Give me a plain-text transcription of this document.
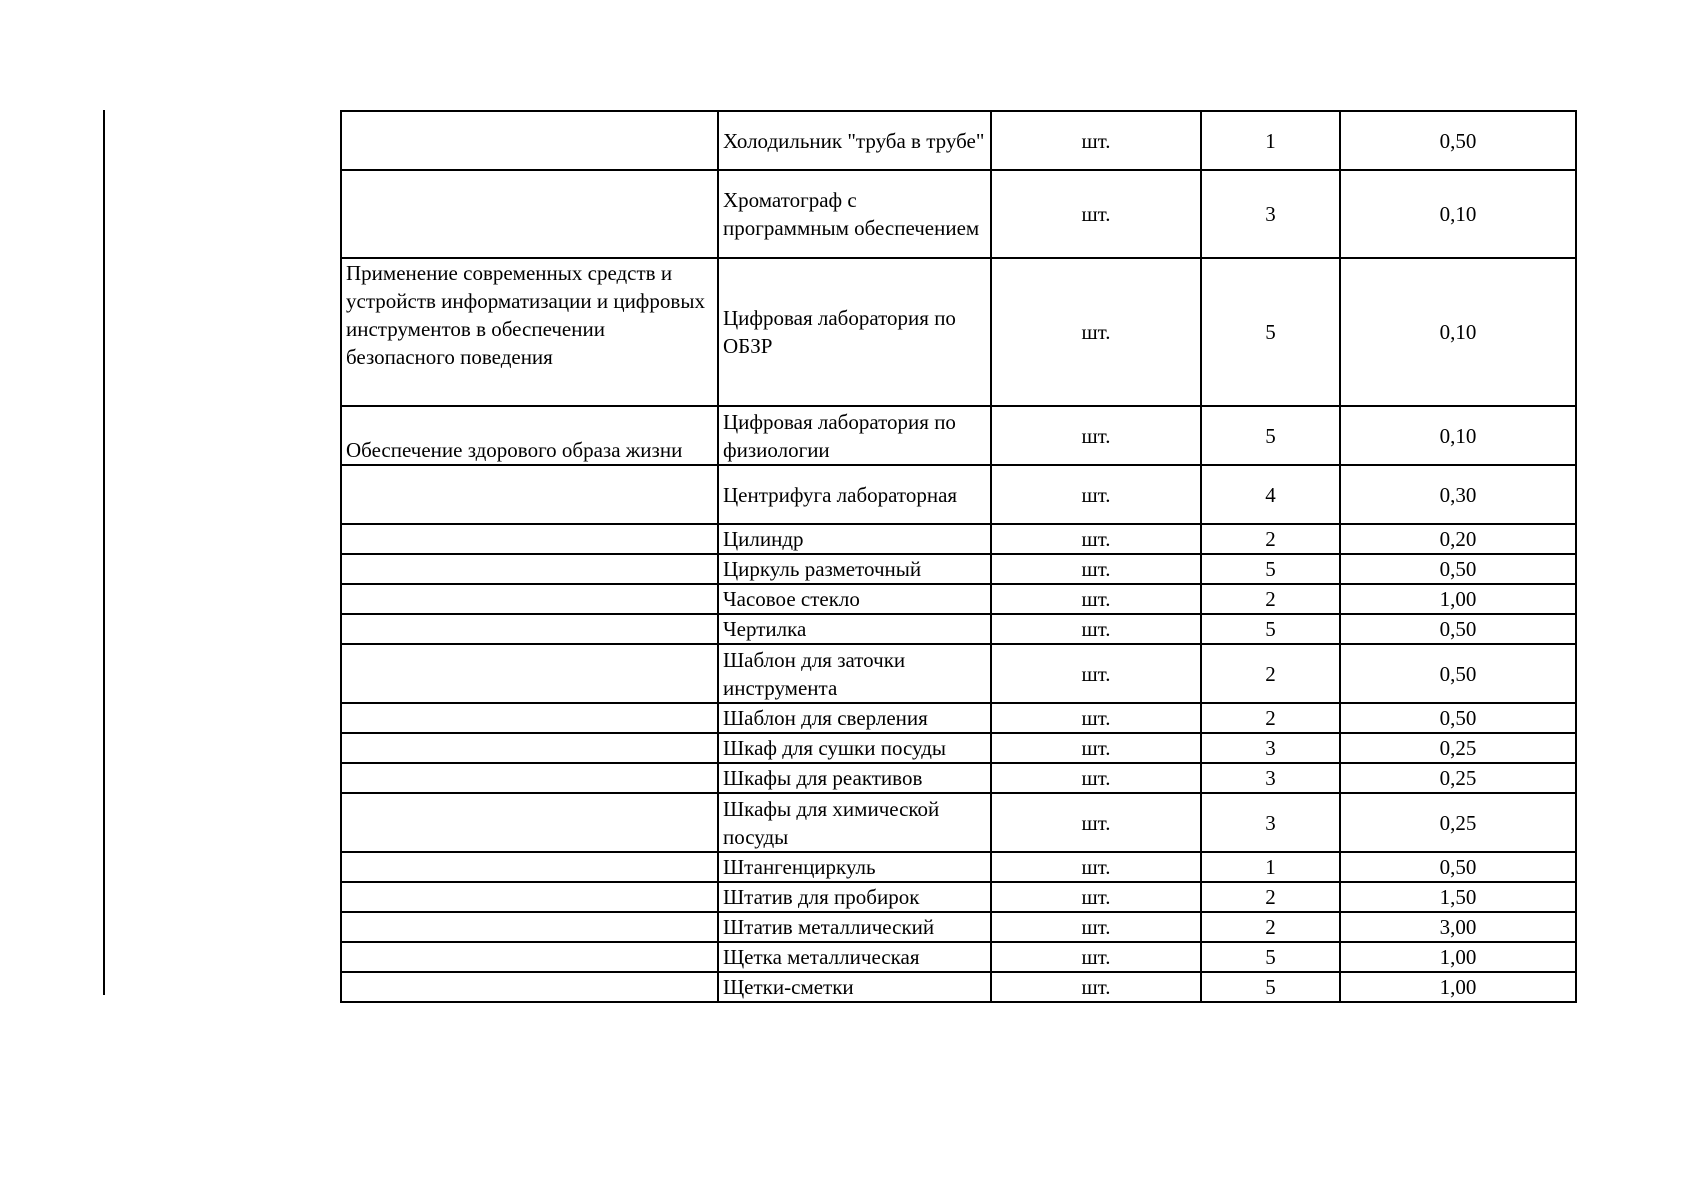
	Холодильник "труба в трубе"	шт.	1	0,50
	Хроматограф с программным обеспечением	шт.	3	0,10
Применение современных средств и устройств информатизации и цифровых инструментов в обеспечении безопасного поведения	Цифровая лаборатория по ОБЗР	шт.	5	0,10
Обеспечение здорового образа жизни	Цифровая лаборатория по физиологии	шт.	5	0,10
	Центрифуга лабораторная	шт.	4	0,30
	Цилиндр	шт.	2	0,20
	Циркуль разметочный	шт.	5	0,50
	Часовое стекло	шт.	2	1,00
	Чертилка	шт.	5	0,50
	Шаблон для заточки инструмента	шт.	2	0,50
	Шаблон для сверления	шт.	2	0,50
	Шкаф для сушки посуды	шт.	3	0,25
	Шкафы для реактивов	шт.	3	0,25
	Шкафы для химической посуды	шт.	3	0,25
	Штангенциркуль	шт.	1	0,50
	Штатив для пробирок	шт.	2	1,50
	Штатив металлический	шт.	2	3,00
	Щетка металлическая	шт.	5	1,00
	Щетки-сметки	шт.	5	1,00
